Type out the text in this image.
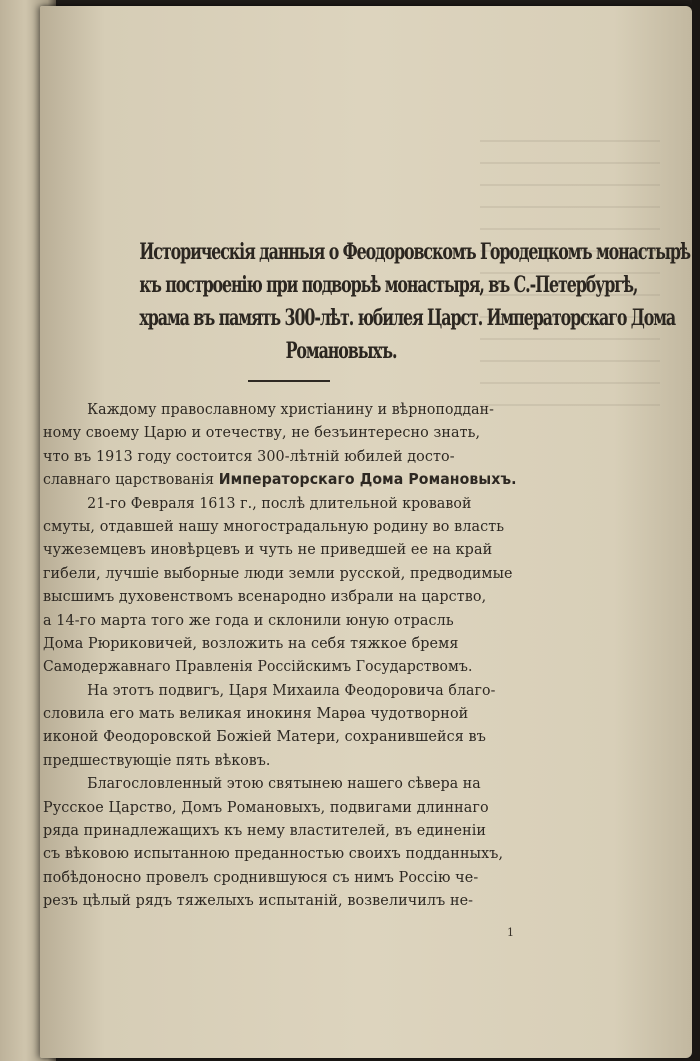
Историческія данныя о Феодоровскомъ Городецкомъ монастырѣ
къ построенію при подворьѣ монастыря, въ С.-Петербургѣ,
храма въ память 300-лѣт. юбилея Царст. Императорскаго Дома
Романовыхъ.
Каждому православному христіанину и вѣрноподдан-
ному своему Царю и отечеству, не безъинтересно знать,
что въ 1913 году состоится 300-лѣтній юбилей досто-
славнаго царствованія Императорскаго Дома Романовыхъ.
21-го Февраля 1613 г., послѣ длительной кровавой
смуты, отдавшей нашу многострадальную родину во власть
чужеземцевъ иновѣрцевъ и чуть не приведшей ее на край
гибели, лучшіе выборные люди земли русской, предводимые
высшимъ духовенствомъ всенародно избрали на царство,
а 14-го марта того же года и склонили юную отрасль
Дома Рюриковичей, возложить на себя тяжкое бремя
Самодержавнаго Правленія Россійскимъ Государствомъ.
На этотъ подвигъ, Царя Михаила Феодоровича благо-
словила его мать великая инокиня Марѳа чудотворной
иконой Феодоровской Божіей Матери, сохранившейся въ
предшествующіе пять вѣковъ.
Благословленный этою святынею нашего сѣвера на
Русское Царство, Домъ Романовыхъ, подвигами длиннаго
ряда принадлежащихъ къ нему властителей, въ единеніи
съ вѣковою испытанною преданностью своихъ подданныхъ,
побѣдоносно провелъ сроднившуюся съ нимъ Россію че-
резъ цѣлый рядъ тяжелыхъ испытаній, возвеличилъ не-
1
